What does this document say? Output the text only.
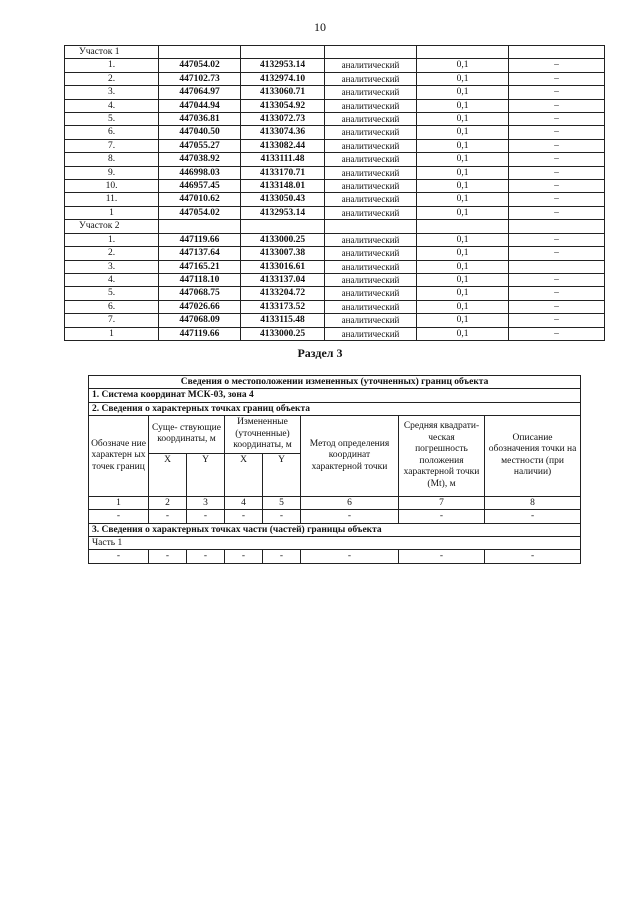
10
Участок 1					
1.	447054.02	4132953.14	аналитический	0,1	–
2.	447102.73	4132974.10	аналитический	0,1	–
3.	447064.97	4133060.71	аналитический	0,1	–
4.	447044.94	4133054.92	аналитический	0,1	–
5.	447036.81	4133072.73	аналитический	0,1	–
6.	447040.50	4133074.36	аналитический	0,1	–
7.	447055.27	4133082.44	аналитический	0,1	–
8.	447038.92	4133111.48	аналитический	0,1	–
9.	446998.03	4133170.71	аналитический	0,1	–
10.	446957.45	4133148.01	аналитический	0,1	–
11.	447010.62	4133050.43	аналитический	0,1	–
1	447054.02	4132953.14	аналитический	0,1	–
Участок 2					
1.	447119.66	4133000.25	аналитический	0,1	–
2.	447137.64	4133007.38	аналитический	0,1	–
3.	447165.21	4133016.61	аналитический	0,1	
4.	447118.10	4133137.04	аналитический	0,1	–
5.	447068.75	4133204.72	аналитический	0,1	–
6.	447026.66	4133173.52	аналитический	0,1	–
7.	447068.09	4133115.48	аналитический	0,1	–
1	447119.66	4133000.25	аналитический	0,1	–
Раздел 3
Сведения о местоположении измененных (уточненных) границ объекта							
1. Система координат МСК-03, зона 4							
2. Сведения о характерных точках границ объекта							
Обозначе ние характерн ых точек границ	Суще- ствующие координаты, м		Измененные (уточненные) координаты, м		Метод определения координат характерной точки	Средняя квадрати- ческая погрешность положения характерной точки (Mt), м	Описание обозначения точки на местности (при наличии)
	X	Y	X	Y			
1	2	3	4	5	6	7	8
-	-	-	-	-	-	-	-
3. Сведения о характерных точках части (частей) границы объекта							
Часть 1							
-	-	-	-	-	-	-	-
